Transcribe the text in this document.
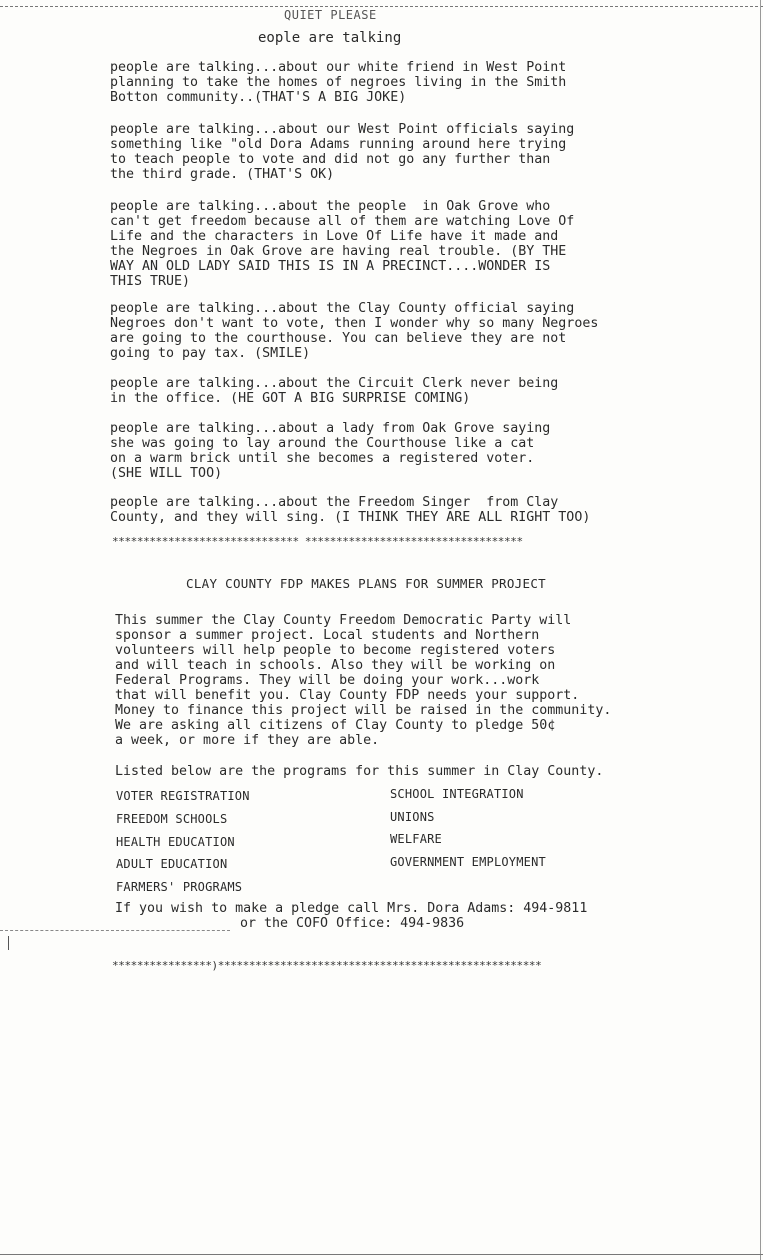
QUIET PLEASE
eople are talking

people are talking...about our white friend in West Point
planning to take the homes of negroes living in the Smith
Botton community..(THAT'S A BIG JOKE)

people are talking...about our West Point officials saying
something like "old Dora Adams running around here trying
to teach people to vote and did not go any further than
the third grade. (THAT'S OK)

people are talking...about the people  in Oak Grove who
can't get freedom because all of them are watching Love Of
Life and the characters in Love Of Life have it made and
the Negroes in Oak Grove are having real trouble. (BY THE
WAY AN OLD LADY SAID THIS IS IN A PRECINCT....WONDER IS
THIS TRUE)

people are talking...about the Clay County official saying
Negroes don't want to vote, then I wonder why so many Negroes
are going to the courthouse. You can believe they are not
going to pay tax. (SMILE)

people are talking...about the Circuit Clerk never being
in the office. (HE GOT A BIG SURPRISE COMING)

people are talking...about a lady from Oak Grove saying
she was going to lay around the Courthouse like a cat
on a warm brick until she becomes a registered voter.
(SHE WILL TOO)

people are talking...about the Freedom Singer  from Clay
County, and they will sing. (I THINK THEY ARE ALL RIGHT TOO)

****************************** ***********************************
CLAY COUNTY FDP MAKES PLANS FOR SUMMER PROJECT

This summer the Clay County Freedom Democratic Party will
sponsor a summer project. Local students and Northern
volunteers will help people to become registered voters
and will teach in schools. Also they will be working on
Federal Programs. They will be doing your work...work
that will benefit you. Clay County FDP needs your support.
Money to finance this project will be raised in the community.
We are asking all citizens of Clay County to pledge 50¢
a week, or more if they are able.

Listed below are the programs for this summer in Clay County.
VOTER REGISTRATION
FREEDOM SCHOOLS
HEALTH EDUCATION
ADULT EDUCATION
FARMERS' PROGRAMS
SCHOOL INTEGRATION
UNIONS
WELFARE
GOVERNMENT EMPLOYMENT
If you wish to make a pledge call Mrs. Dora Adams: 494-9811
or the COFO Office: 494-9836
****************)****************************************************
